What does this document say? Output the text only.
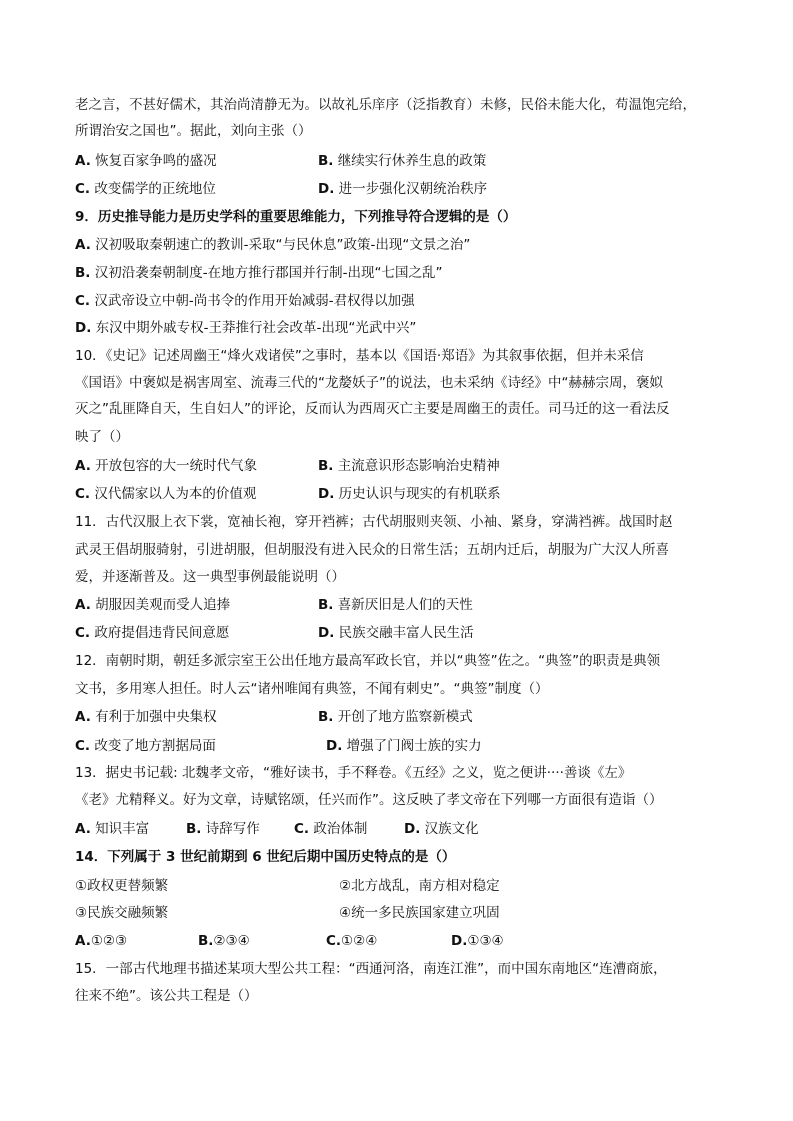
老之言，不甚好儒术，其治尚清静无为。以故礼乐庠序（泛指教育）未修，民俗未能大化，苟温饱完给，
所谓治安之国也”。据此，刘向主张（）
A. 恢复百家争鸣的盛况	B. 继续实行休养生息的政策
C. 改变儒学的正统地位	D. 进一步强化汉朝统治秩序
9．历史推导能力是历史学科的重要思维能力，下列推导符合逻辑的是（）
A. 汉初吸取秦朝速亡的教训-采取“与民休息”政策-出现“文景之治”
B. 汉初沿袭秦朝制度-在地方推行郡国并行制-出现“七国之乱”
C. 汉武帝设立中朝-尚书令的作用开始减弱-君权得以加强
D. 东汉中期外戚专权-王莽推行社会改革-出现“光武中兴”
10．《史记》记述周幽王“烽火戏诸侯”之事时，基本以《国语·郑语》为其叙事依据，但并未采信
《国语》中褒姒是祸害周室、流毒三代的“龙嫠妖子”的说法，也未采纳《诗经》中“赫赫宗周，褒姒
灭之”乱匪降自天，生自妇人”的评论，反而认为西周灭亡主要是周幽王的责任。司马迁的这一看法反
映了（）
A. 开放包容的大一统时代气象	B. 主流意识形态影响治史精神
C. 汉代儒家以人为本的价值观	D. 历史认识与现实的有机联系
11．古代汉服上衣下裳，宽袖长袍，穿开裆裤；古代胡服则夹领、小袖、紧身，穿满裆裤。战国时赵
武灵王倡胡服骑射，引进胡服，但胡服没有进入民众的日常生活；五胡内迁后，胡服为广大汉人所喜
爱，并逐渐普及。这一典型事例最能说明（）
A. 胡服因美观而受人追捧	B. 喜新厌旧是人们的天性
C. 政府提倡违背民间意愿	D. 民族交融丰富人民生活
12．南朝时期，朝廷多派宗室王公出任地方最高军政长官，并以“典签”佐之。“典签”的职责是典领
文书，多用寒人担任。时人云“诸州唯闻有典签，不闻有刺史”。“典签”制度（）
A. 有利于加强中央集权	B. 开创了地方监察新模式
C. 改变了地方割据局面	D. 增强了门阀士族的实力
13．据史书记载: 北魏孝文帝，“雅好读书，手不释卷。《五经》之义，览之便讲····善谈《左》
《老》尤精释义。好为文章，诗赋铭颂，任兴而作”。这反映了孝文帝在下列哪一方面很有造诣（）
A. 知识丰富	B. 诗辞写作	C. 政治体制	D. 汉族文化
14．下列属于 3 世纪前期到 6 世纪后期中国历史特点的是（）
①政权更替频繁	②北方战乱，南方相对稳定
③民族交融频繁	④统一多民族国家建立巩固
A.①②③	B.②③④	C.①②④	D.①③④
15．一部古代地理书描述某项大型公共工程：“西通河洛，南连江淮”，而中国东南地区“连漕商旅，
往来不绝”。该公共工程是（）
